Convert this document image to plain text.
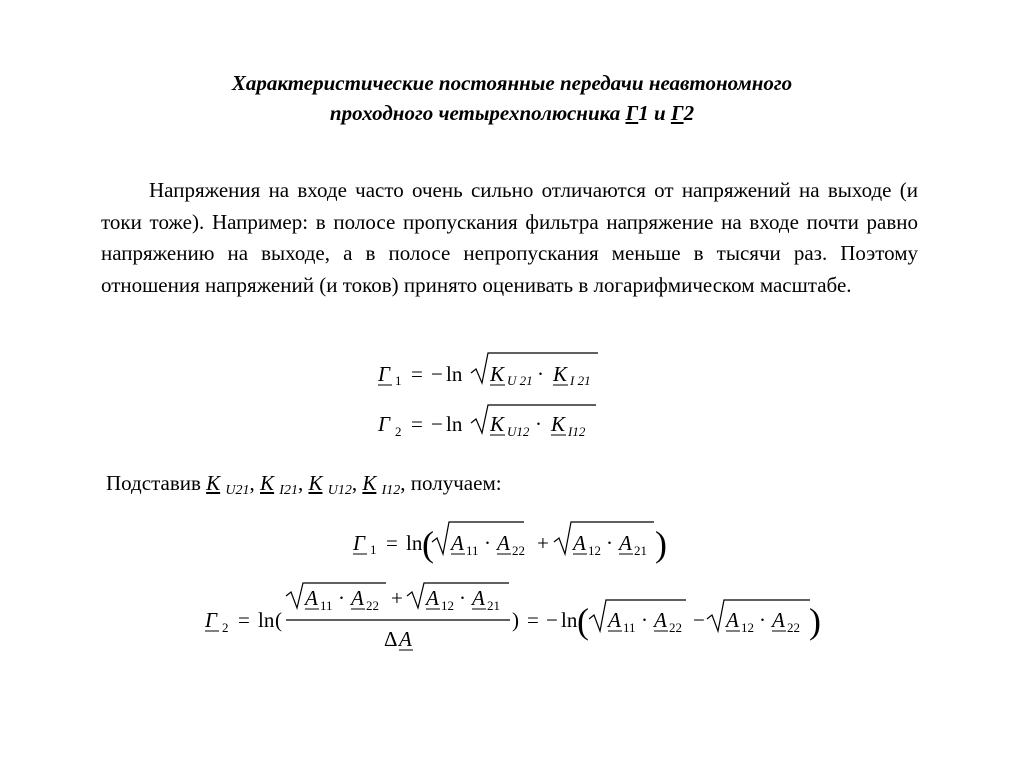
Характеристические постоянные передачи неавтономного
проходного четырехполюсника Г1 и Г2
Напряжения на входе часто очень сильно отличаются от напряжений на выходе (и токи тоже). Например: в полосе пропускания фильтра напряжение на входе почти равно напряжению на выходе, а в полосе непропускания меньше в тысячи раз. Поэтому отношения напряжений (и токов) принято оценивать в логарифмическом масштабе.
Подставив K $_{U21}$, K $_{I21}$, K $_{U12}$, K $_{I12}$, получаем:
Г 1 = − ln K U 21 · K I 21
Г 2 = − ln K U12 · K I12
Г 1 = ln ( A 11 · A 22 + A 12 · A 21 )
Г 2 = ln (
A 11 · A 22 + A 12 · A 21
Δ A
) = − ln ( A 11 · A 22 − A 12 · A 22 )
